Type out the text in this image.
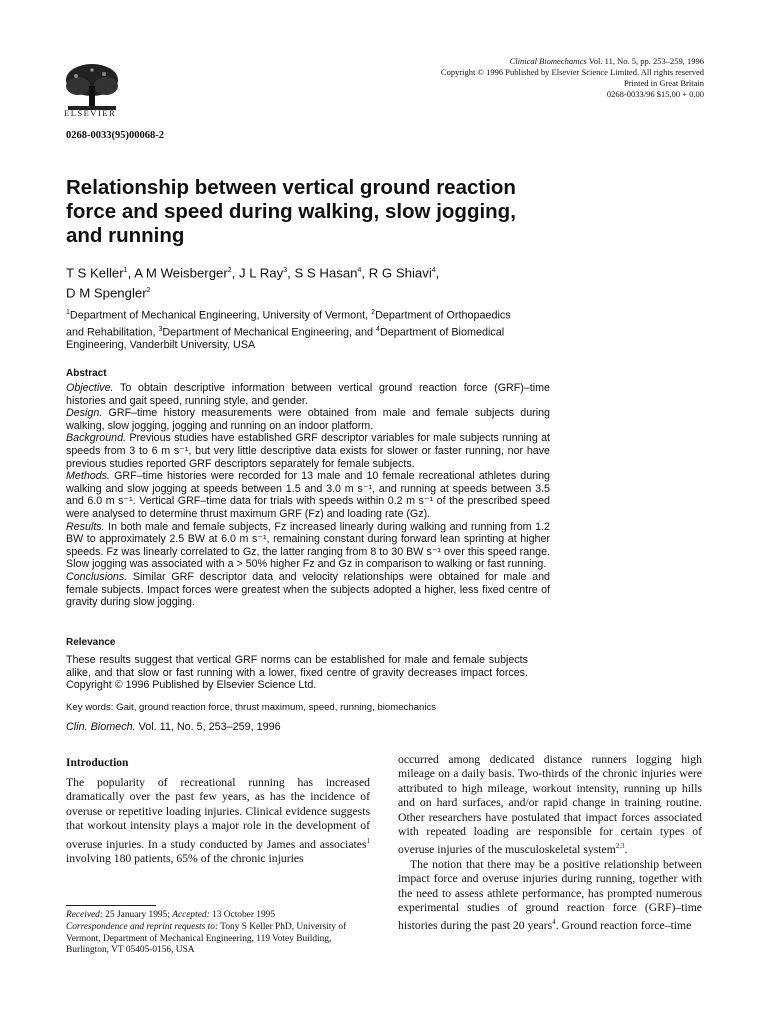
ELSEVIER
0268-0033(95)00068-2
Clinical Biomechanics Vol. 11, No. 5, pp. 253–259, 1996
Copyright © 1996 Published by Elsevier Science Limited. All rights reserved
Printed in Great Britain
0268-0033/96 $15.00 + 0.00
Relationship between vertical ground reaction force and speed during walking, slow jogging, and running
T S Keller$^1$, A M Weisberger$^2$, J L Ray$^3$, S S Hasan$^4$, R G Shiavi$^4$,
D M Spengler$^2$
$^1$Department of Mechanical Engineering, University of Vermont, $^2$Department of Orthopaedics and Rehabilitation, $^3$Department of Mechanical Engineering, and $^4$Department of Biomedical Engineering, Vanderbilt University, USA
Abstract

Objective. To obtain descriptive information between vertical ground reaction force (GRF)–time histories and gait speed, running style, and gender.

Design. GRF–time history measurements were obtained from male and female subjects during walking, slow jogging, jogging and running on an indoor platform.

Background. Previous studies have established GRF descriptor variables for male subjects running at speeds from 3 to 6 m s⁻¹, but very little descriptive data exists for slower or faster running, nor have previous studies reported GRF descriptors separately for female subjects.

Methods. GRF–time histories were recorded for 13 male and 10 female recreational athletes during walking and slow jogging at speeds between 1.5 and 3.0 m s⁻¹, and running at speeds between 3.5 and 6.0 m s⁻¹. Vertical GRF–time data for trials with speeds within 0.2 m s⁻¹ of the prescribed speed were analysed to determine thrust maximum GRF (Fz) and loading rate (Gz).

Results. In both male and female subjects, Fz increased linearly during walking and running from 1.2 BW to approximately 2.5 BW at 6.0 m s⁻¹, remaining constant during forward lean sprinting at higher speeds. Fz was linearly correlated to Gz, the latter ranging from 8 to 30 BW s⁻¹ over this speed range. Slow jogging was associated with a > 50% higher Fz and Gz in comparison to walking or fast running.

Conclusions. Similar GRF descriptor data and velocity relationships were obtained for male and female subjects. Impact forces were greatest when the subjects adopted a higher, less fixed centre of gravity during slow jogging.

Relevance
These results suggest that vertical GRF norms can be established for male and female subjects alike, and that slow or fast running with a lower, fixed centre of gravity decreases impact forces. Copyright © 1996 Published by Elsevier Science Ltd.
Key words: Gait, ground reaction force, thrust maximum, speed, running, biomechanics
Clin. Biomech. Vol. 11, No. 5, 253–259, 1996
Introduction

The popularity of recreational running has increased dramatically over the past few years, as has the incidence of overuse or repetitive loading injuries. Clinical evidence suggests that workout intensity plays a major role in the development of overuse injuries. In a study conducted by James and associates$^1$ involving 180 patients, 65% of the chronic injuries

occurred among dedicated distance runners logging high mileage on a daily basis. Two-thirds of the chronic injuries were attributed to high mileage, workout intensity, running up hills and on hard surfaces, and/or rapid change in training routine. Other researchers have postulated that impact forces associated with repeated loading are responsible for certain types of overuse injuries of the musculoskeletal system$^{2,3}$.

The notion that there may be a positive relationship between impact force and overuse injuries during running, together with the need to assess athlete performance, has prompted numerous experimental studies of ground reaction force (GRF)–time histories during the past 20 years$^4$. Ground reaction force–time

Received: 25 January 1995; Accepted: 13 October 1995
Correspondence and reprint requests to: Tony S Keller PhD, University of Vermont, Department of Mechanical Engineering, 119 Votey Building, Burlington, VT 05405-0156, USA
